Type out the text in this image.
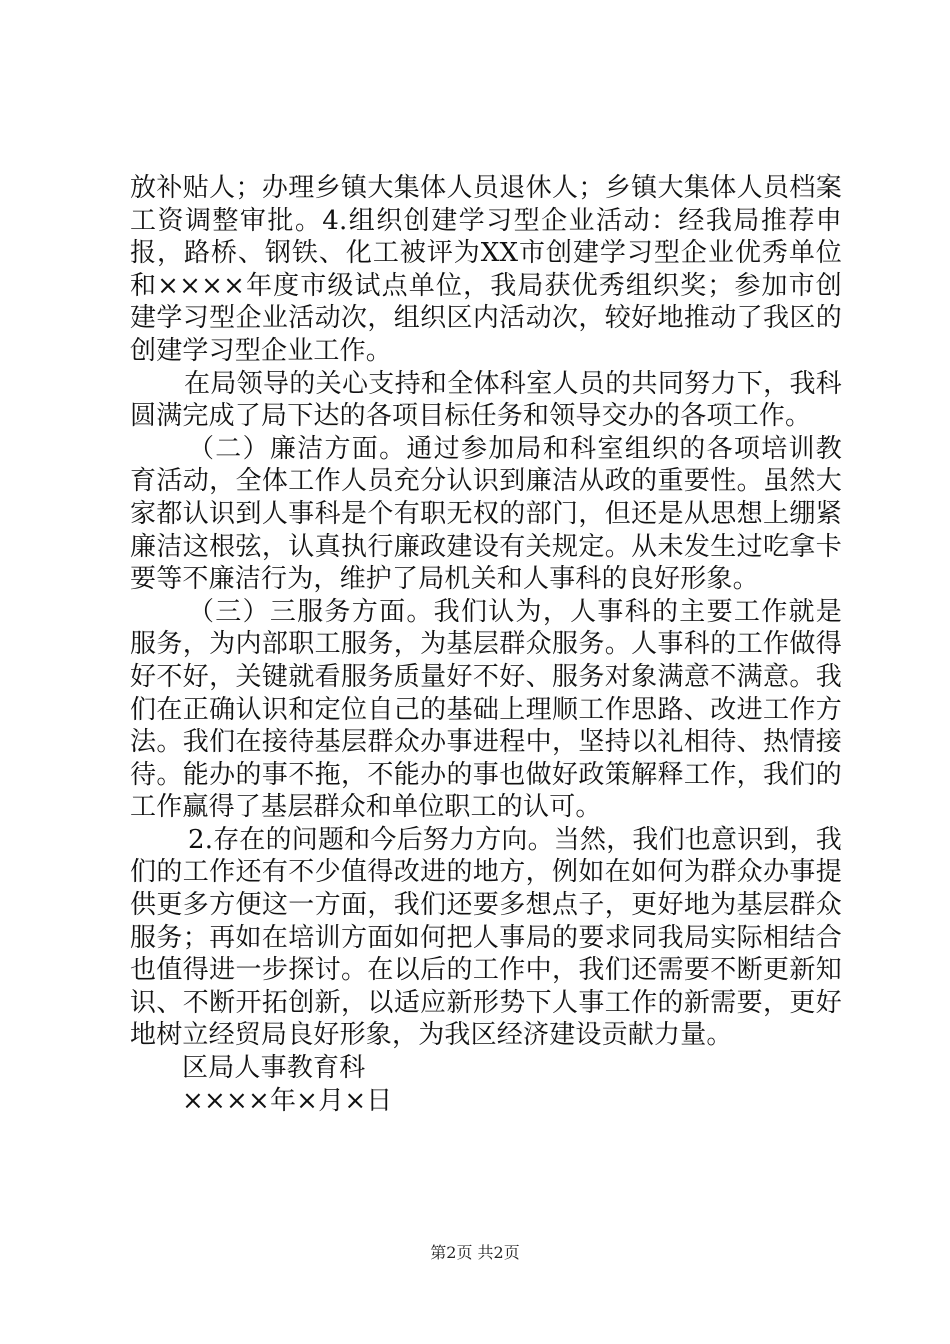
放补贴人；办理乡镇大集体人员退休人；乡镇大集体人员档案工资调整审批。4.组织创建学习型企业活动：经我局推荐申报，路桥、钢铁、化工被评为XX市创建学习型企业优秀单位和××××年度市级试点单位，我局获优秀组织奖；参加市创建学习型企业活动次，组织区内活动次，较好地推动了我区的创建学习型企业工作。

在局领导的关心支持和全体科室人员的共同努力下，我科圆满完成了局下达的各项目标任务和领导交办的各项工作。

（二）廉洁方面。通过参加局和科室组织的各项培训教育活动，全体工作人员充分认识到廉洁从政的重要性。虽然大家都认识到人事科是个有职无权的部门，但还是从思想上绷紧廉洁这根弦，认真执行廉政建设有关规定。从未发生过吃拿卡要等不廉洁行为，维护了局机关和人事科的良好形象。

（三）三服务方面。我们认为，人事科的主要工作就是服务，为内部职工服务，为基层群众服务。人事科的工作做得好不好，关键就看服务质量好不好、服务对象满意不满意。我们在正确认识和定位自己的基础上理顺工作思路、改进工作方法。我们在接待基层群众办事进程中，坚持以礼相待、热情接待。能办的事不拖，不能办的事也做好政策解释工作，我们的工作赢得了基层群众和单位职工的认可。

2.存在的问题和今后努力方向。当然，我们也意识到，我们的工作还有不少值得改进的地方，例如在如何为群众办事提供更多方便这一方面，我们还要多想点子，更好地为基层群众服务；再如在培训方面如何把人事局的要求同我局实际相结合也值得进一步探讨。在以后的工作中，我们还需要不断更新知识、不断开拓创新，以适应新形势下人事工作的新需要，更好地树立经贸局良好形象，为我区经济建设贡献力量。

区局人事教育科

××××年×月×日

第2页 共2页
